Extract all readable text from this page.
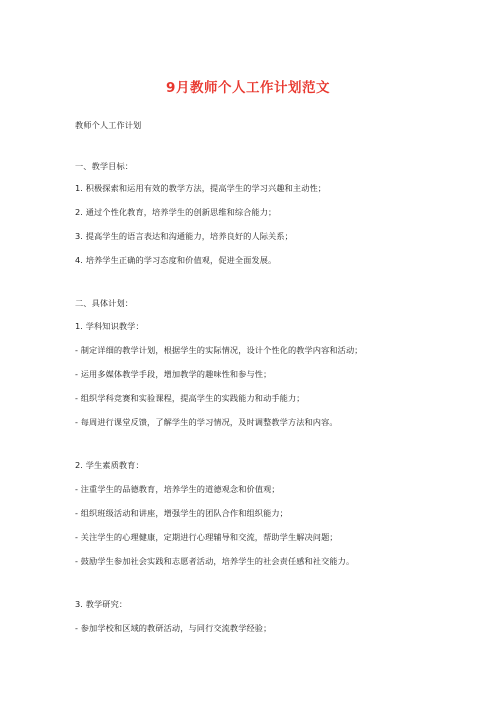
9月教师个人工作计划范文
教师个人工作计划
一、教学目标：
1. 积极探索和运用有效的教学方法，提高学生的学习兴趣和主动性；
2. 通过个性化教育，培养学生的创新思维和综合能力；
3. 提高学生的语言表达和沟通能力，培养良好的人际关系；
4. 培养学生正确的学习态度和价值观，促进全面发展。
二、具体计划：
1. 学科知识教学：
- 制定详细的教学计划，根据学生的实际情况，设计个性化的教学内容和活动；
- 运用多媒体教学手段，增加教学的趣味性和参与性；
- 组织学科竞赛和实验课程，提高学生的实践能力和动手能力；
- 每周进行课堂反馈，了解学生的学习情况，及时调整教学方法和内容。
2. 学生素质教育：
- 注重学生的品德教育，培养学生的道德观念和价值观；
- 组织班级活动和讲座，增强学生的团队合作和组织能力；
- 关注学生的心理健康，定期进行心理辅导和交流，帮助学生解决问题；
- 鼓励学生参加社会实践和志愿者活动，培养学生的社会责任感和社交能力。
3. 教学研究：
- 参加学校和区域的教研活动，与同行交流教学经验；
